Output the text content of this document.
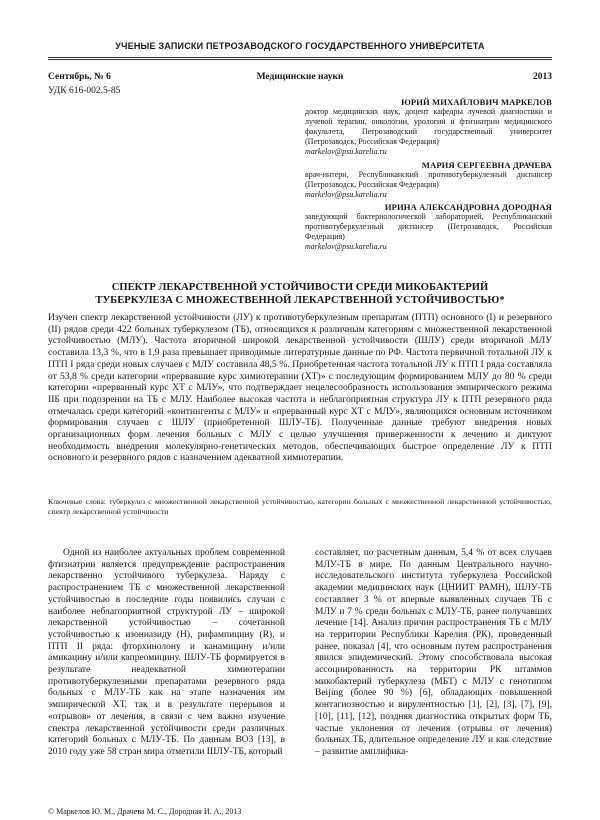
УЧЕНЫЕ ЗАПИСКИ ПЕТРОЗАВОДСКОГО ГОСУДАРСТВЕННОГО УНИВЕРСИТЕТА
Сентябрь, № 6	Медицинские науки	2013
УДК 616-002.5-85
ЮРИЙ МИХАЙЛОВИЧ МАРКЕЛОВ
доктор медицинских наук, доцент кафедры лучевой диагностики и лучевой терапии, онкологии, урологии и фтизиатрии медицинского факультета, Петрозаводский государственный университет (Петрозаводск, Российская Федерация)
markelov@psu.karelia.ru
МАРИЯ СЕРГЕЕВНА ДРАЧЕВА
врач-интерн, Республиканский противотуберкулезный диспансер (Петрозаводск, Российская Федерация)
markelov@psu.karelia.ru
ИРИНА АЛЕКСАНДРОВНА ДОРОДНАЯ
заведующий бактериологической лабораторией, Республиканский противотуберкулезный диспансер (Петрозаводск, Российская Федерация)
markelov@psu.karelia.ru
СПЕКТР ЛЕКАРСТВЕННОЙ УСТОЙЧИВОСТИ СРЕДИ МИКОБАКТЕРИЙ
ТУБЕРКУЛЕЗА С МНОЖЕСТВЕННОЙ ЛЕКАРСТВЕННОЙ УСТОЙЧИВОСТЬЮ*

Изучен спектр лекарственной устойчивости (ЛУ) к противотуберкулезным препаратам (ПТП) основного (I) и резервного (II) рядов среди 422 больных туберкулезом (ТБ), относящихся к различным категориям с множественной лекарственной устойчивостью (МЛУ). Частота вторичной широкой лекарственной устойчивости (ШЛУ) среди вторичной МЛУ составила 13,3 %, что в 1,9 раза превышает приводимые литературные данные по РФ. Частота первичной тотальной ЛУ к ПТП I ряда среди новых случаев с МЛУ составила 48,5 %. Приобретенная частота тотальной ЛУ к ПТП I ряда составляла от 53,8 % среди категории «прервавшие курс химиотерапии (ХТ)» с последующим формированием МЛУ до 80 % среди категории «прерванный курс ХТ с МЛУ», что подтверждает нецелесообразность использования эмпирического режима IIБ при подозрении на ТБ с МЛУ. Наиболее высокая частота и неблагоприятная структура ЛУ к ПТП резервного ряда отмечалась среди категорий «контингенты с МЛУ» и «прерванный курс ХТ с МЛУ», являющихся основным источником формирования случаев с ШЛУ (приобретенной ШЛУ-ТБ). Полученные данные требуют внедрения новых организационных форм лечения больных с МЛУ с целью улучшения приверженности к лечению и диктуют необходимость внедрения молекулярно-генетических методов, обеспечивающих быстрое определение ЛУ к ПТП основного и резервного рядов с назначением адекватной химиотерапии.

Ключевые слова: туберкулез с множественной лекарственной устойчивостью, категории больных с множественной лекарственной устойчивостью, спектр лекарственной устойчивости

Одной из наиболее актуальных проблем современной фтизиатрии является предупреждение распространения лекарственно устойчивого туберкулеза. Наряду с распространением ТБ с множественной лекарственной устойчивостью в последние годы появились случаи с наиболее неблагоприятной структурой ЛУ – широкой лекарственной устойчивостью – сочетанной устойчивостью к изониазиду (H), рифампицину (R), и ПТП II ряда: фторхинолону и канамицину и/или амикацину и/или капреомицину. ШЛУ-ТБ формируется в результате неадекватной химиотерапии противотуберкулезными препаратами резервного ряда больных с МЛУ-ТБ как на этапе назначения им эмпирической ХТ, так и в результате перерывов и «отрывов» от лечения, в связи с чем важно изучение спектра лекарственной устойчивости среди различных категорий больных с МЛУ-ТБ. По данным ВОЗ [13], в 2010 году уже 58 стран мира отметили ШЛУ-ТБ, который

составляет, по расчетным данным, 5,4 % от всех случаев МЛУ-ТБ в мире. По данным Центрального научно-исследовательского института туберкулеза Российской академии медицинских наук (ЦНИИТ РАМН), ШЛУ-ТБ составляет 3 % от впервые выявленных случаев ТБ с МЛУ и 7 % среди больных с МЛУ-ТБ, ранее получавших лечение [14]. Анализ причин распространения ТБ с МЛУ на территории Республики Карелия (РК), проведенный ранее, показал [4], что основным путем распространения явился эпидемический. Этому способствовала высокая ассоциированность на территории РК штаммов микобактерий туберкулеза (МБТ) с МЛУ с генотипом Beijing (более 90 %) [6], обладающих повышенной контагиозностью и вирулентностью [1], [2], [3], [7], [9], [10], [11], [12], поздняя диагностика открытых форм ТБ, частые уклонения от лечения (отрывы от лечения) больных ТБ, длительное определение ЛУ и как следствие – развитие амплифика-

© Маркелов Ю. М., Драчева М. С., Дородная И. А., 2013
